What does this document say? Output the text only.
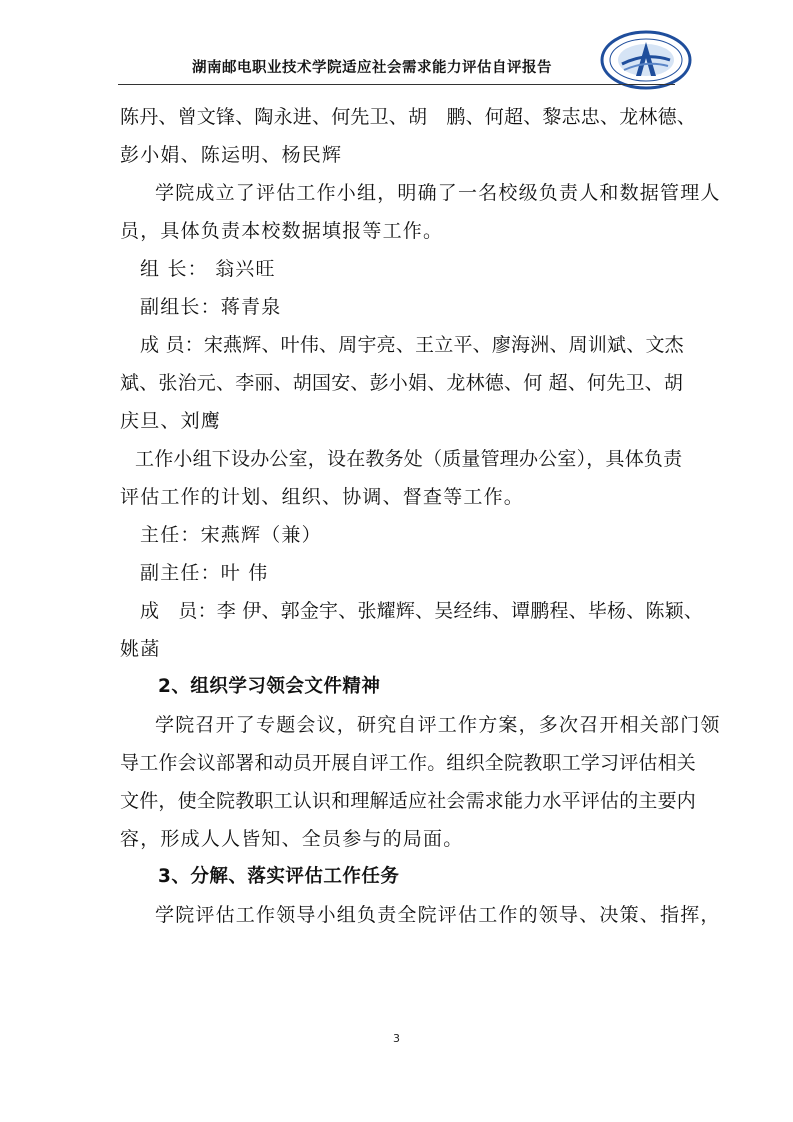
湖南邮电职业技术学院适应社会需求能力评估自评报告
陈丹、曾文锋、陶永进、何先卫、胡　鹏、何超、黎志忠、龙林德、
彭小娟、陈运明、杨民辉
学院成立了评估工作小组，明确了一名校级负责人和数据管理人
员，具体负责本校数据填报等工作。
组 长： 翁兴旺
副组长：蒋青泉
成 员：宋燕辉、叶伟、周宇亮、王立平、廖海洲、周训斌、文杰
斌、张治元、李丽、胡国安、彭小娟、龙林德、何 超、何先卫、胡
庆旦、刘鹰
工作小组下设办公室，设在教务处（质量管理办公室），具体负责
评估工作的计划、组织、协调、督查等工作。
主任：宋燕辉（兼）
副主任：叶 伟
成　员：李 伊、郭金宇、张耀辉、吴经纬、谭鹏程、毕杨、陈颖、
姚菡
2、组织学习领会文件精神
学院召开了专题会议，研究自评工作方案，多次召开相关部门领
导工作会议部署和动员开展自评工作。组织全院教职工学习评估相关
文件，使全院教职工认识和理解适应社会需求能力水平评估的主要内
容，形成人人皆知、全员参与的局面。
3、分解、落实评估工作任务
学院评估工作领导小组负责全院评估工作的领导、决策、指挥，
3
